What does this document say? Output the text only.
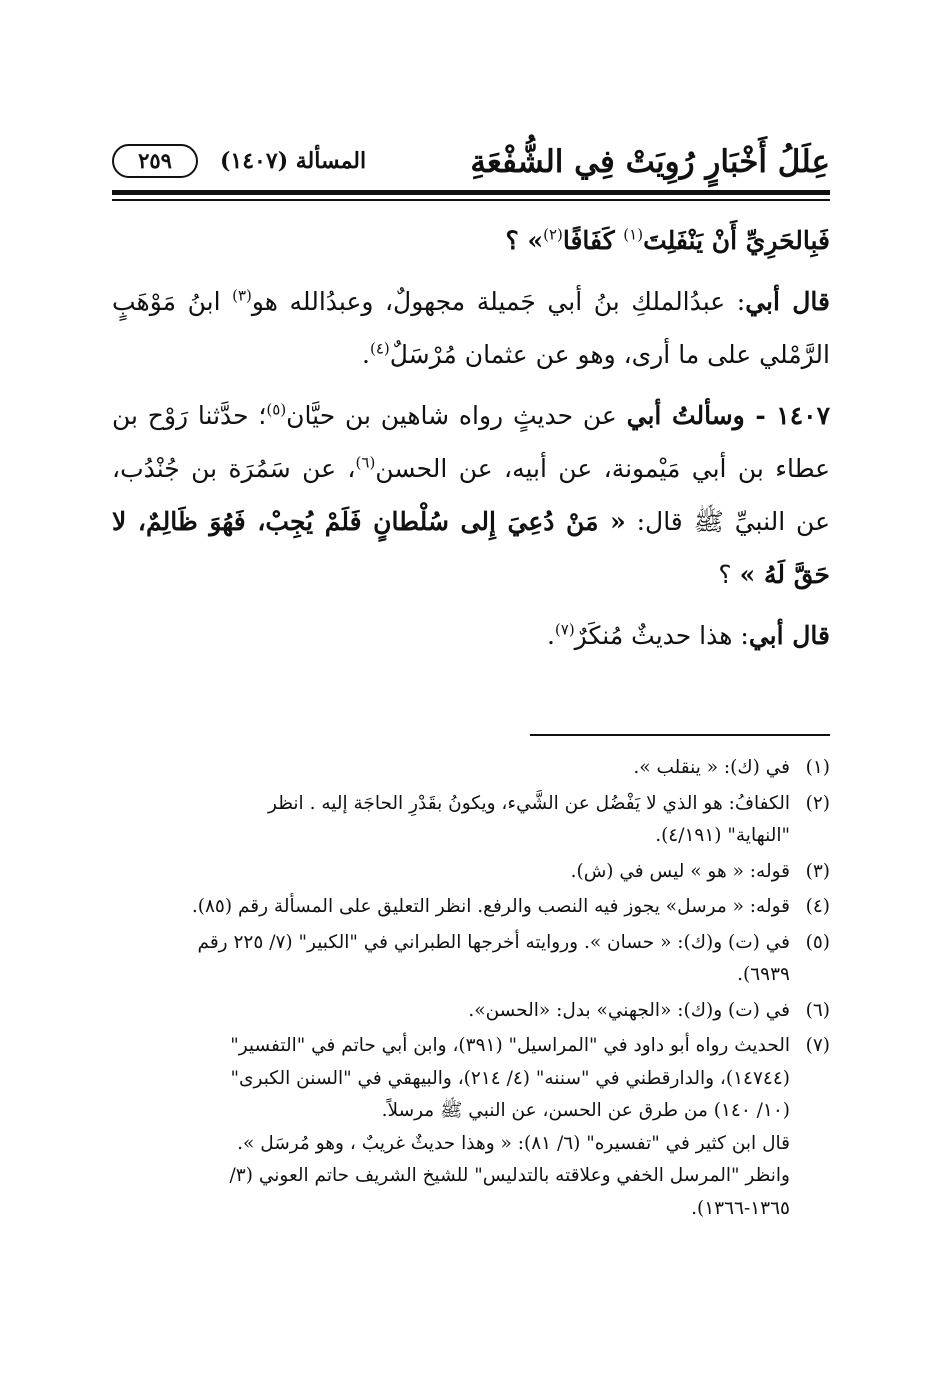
عِلَلُ أَخْبَارٍ رُوِيَتْ فِي الشُّفْعَةِ
المسألة (١٤٠٧)
٢٥٩

فَبِالحَرِيِّ أَنْ يَنْفَلِتَ$^{(١)}$ كَفَافًا$^{(٢)}$» ؟

قال أبي: عبدُالملكِ بنُ أبي جَميلة مجهولٌ، وعبدُالله هو$^{(٣)}$ ابنُ مَوْهَبٍ الرَّمْلي على ما أرى، وهو عن عثمان مُرْسَلٌ$^{(٤)}$.

١٤٠٧ - وسألتُ أبي عن حديثٍ رواه شاهين بن حيَّان$^{(٥)}$؛ حدَّثنا رَوْح بن عطاء بن أبي مَيْمونة، عن أبيه، عن الحسن$^{(٦)}$، عن سَمُرَة بن جُنْدُب، عن النبيِّ ﷺ قال: « مَنْ دُعِيَ إِلى سُلْطانٍ فَلَمْ يُجِبْ، فَهُوَ ظَالِمٌ، لا حَقَّ لَهُ » ؟

قال أبي: هذا حديثٌ مُنكَرٌ$^{(٧)}$.

(١)
في (ك): « ينقلب ».
(٢)
الكفافُ: هو الذي لا يَفْضُل عن الشَّيء، ويكونُ بقَدْرِ الحاجَة إليه . انظر
"النهاية" (٤/١٩١).
(٣)
قوله: « هو » ليس في (ش).
(٤)
قوله: « مرسل» يجوز فيه النصب والرفع. انظر التعليق على المسألة رقم (٨٥).
(٥)
في (ت) و(ك): « حسان ». وروايته أخرجها الطبراني في "الكبير" (٧/ ٢٢٥ رقم
٦٩٣٩).
(٦)
في (ت) و(ك): «الجهني» بدل: «الحسن».
(٧)
الحديث رواه أبو داود في "المراسيل" (٣٩١)، وابن أبي حاتم في "التفسير"
(١٤٧٤٤)، والدارقطني في "سننه" (٤/ ٢١٤)، والبيهقي في "السنن الكبرى"
(١٠/ ١٤٠) من طرق عن الحسن، عن النبي ﷺ مرسلاً.
قال ابن كثير في "تفسيره" (٦/ ٨١): « وهذا حديثٌ غريبٌ ، وهو مُرسَل ».
وانظر "المرسل الخفي وعلاقته بالتدليس" للشيخ الشريف حاتم العوني (٣/
١٣٦٥-١٣٦٦).
